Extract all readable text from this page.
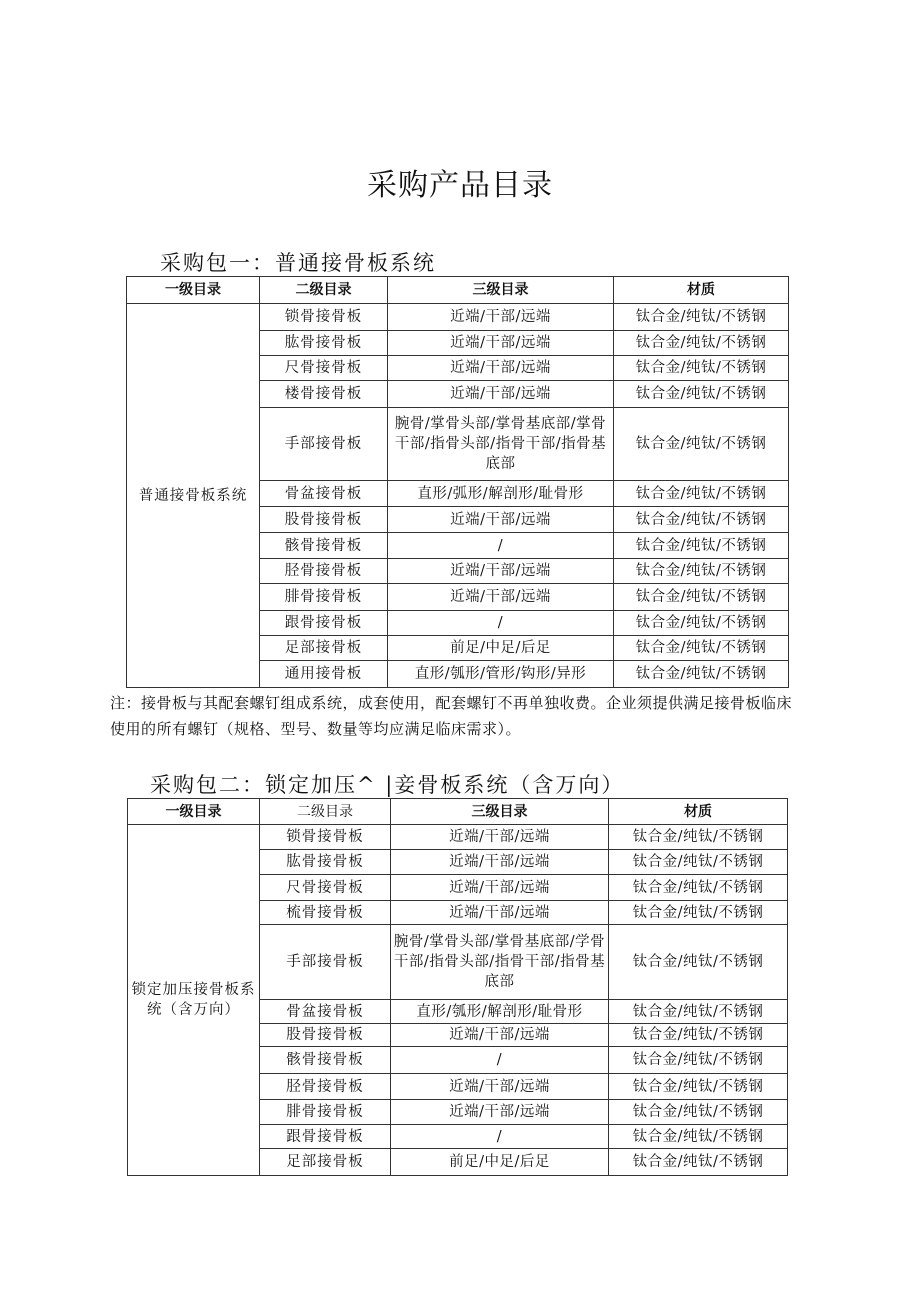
采购产品目录
采购包一：普通接骨板系统
一级目录	二级目录	三级目录	材质
普通接骨板系统	锁骨接骨板	近端/干部/远端	钛合金/纯钛/不锈钢
	肱骨接骨板	近端/干部/远端	钛合金/纯钛/不锈钢
	尺骨接骨板	近端/干部/远端	钛合金/纯钛/不锈钢
	楼骨接骨板	近端/干部/远端	钛合金/纯钛/不锈钢
	手部接骨板	腕骨/掌骨头部/掌骨基底部/掌骨干部/指骨头部/指骨干部/指骨基底部	钛合金/纯钛/不锈钢
	骨盆接骨板	直形/弧形/解剖形/耻骨形	钛合金/纯钛/不锈钢
	股骨接骨板	近端/干部/远端	钛合金/纯钛/不锈钢
	骸骨接骨板	/	钛合金/纯钛/不锈钢
	胫骨接骨板	近端/干部/远端	钛合金/纯钛/不锈钢
	腓骨接骨板	近端/干部/远端	钛合金/纯钛/不锈钢
	跟骨接骨板	/	钛合金/纯钛/不锈钢
	足部接骨板	前足/中足/后足	钛合金/纯钛/不锈钢
	通用接骨板	直形/瓠形/管形/钩形/异形	钛合金/纯钛/不锈钢
注：接骨板与其配套螺钉组成系统，成套使用，配套螺钉不再单独收费。企业须提供满足接骨板临床使用的所有螺钉（规格、型号、数量等均应满足临床需求）。
采购包二：锁定加压^ |妾骨板系统（含万向）
一级目录	二级目录	三级目录	材质
锁定加压接骨板系统（含万向）	锁骨接骨板	近端/干部/远端	钛合金/纯钛/不锈钢
	肱骨接骨板	近端/干部/远端	钛合金/纯钛/不锈钢
	尺骨接骨板	近端/干部/远端	钛合金/纯钛/不锈钢
	梳骨接骨板	近端/干部/远端	钛合金/纯钛/不锈钢
	手部接骨板	腕骨/掌骨头部/掌骨基底部/学骨干部/指骨头部/指骨干部/指骨基底部	钛合金/纯钛/不锈钢
	骨盆接骨板	直形/瓠形/解剖形/耻骨形	钛合金/纯钛/不锈钢
	股骨接骨板	近端/干部/远端	钛合金/纯钛/不锈钢
	骸骨接骨板	/	钛合金/纯钛/不锈钢
	胫骨接骨板	近端/干部/远端	钛合金/纯钛/不锈钢
	腓骨接骨板	近端/干部/远端	钛合金/纯钛/不锈钢
	跟骨接骨板	/	钛合金/纯钛/不锈钢
	足部接骨板	前足/中足/后足	钛合金/纯钛/不锈钢
